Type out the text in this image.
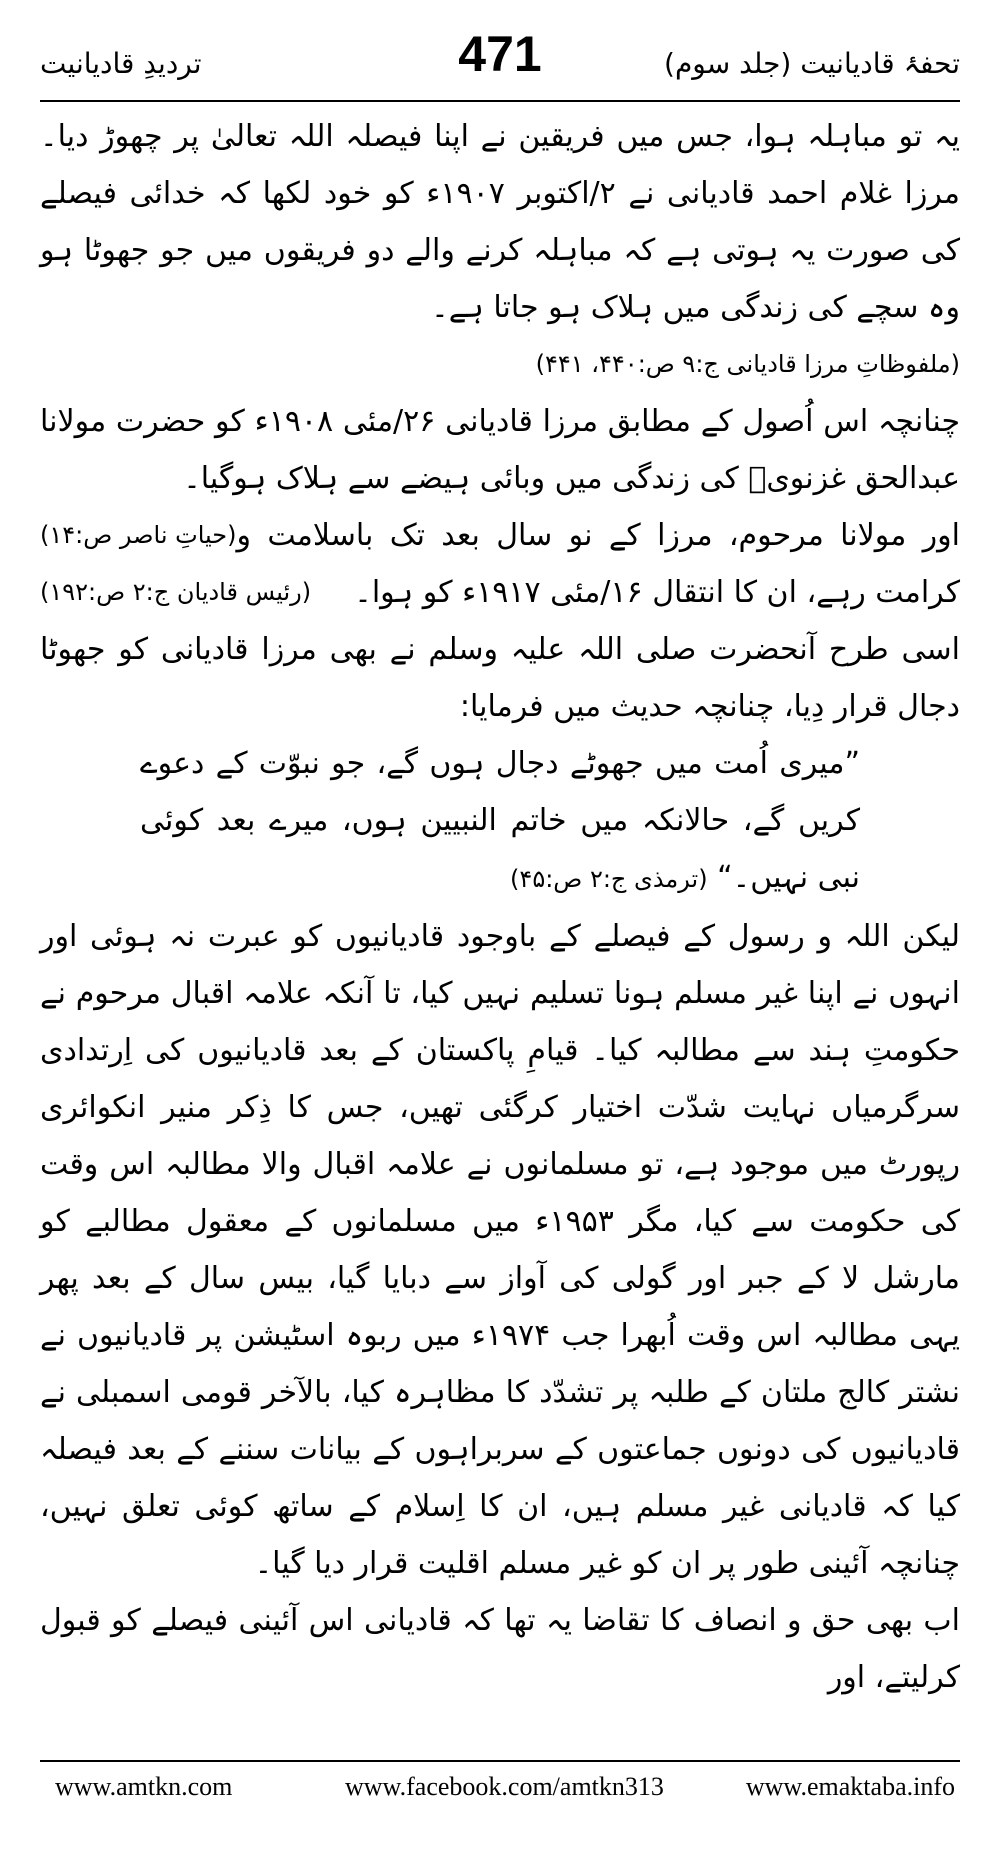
تحفۂ قادیانیت (جلد سوم)
471
تردیدِ قادیانیت

یہ تو مباہلہ ہوا، جس میں فریقین نے اپنا فیصلہ اللہ تعالیٰ پر چھوڑ دیا۔ مرزا غلام احمد قادیانی نے ۲/اکتوبر ۱۹۰۷ء کو خود لکھا کہ خدائی فیصلے کی صورت یہ ہوتی ہے کہ مباہلہ کرنے والے دو فریقوں میں جو جھوٹا ہو وہ سچے کی زندگی میں ہلاک ہو جاتا ہے۔

(ملفوظاتِ مرزا قادیانی ج:۹ ص:۴۴۰، ۴۴۱)

چنانچہ اس اُصول کے مطابق مرزا قادیانی ۲۶/مئی ۱۹۰۸ء کو حضرت مولانا عبدالحق غزنویؒ کی زندگی میں وبائی ہیضے سے ہلاک ہوگیا۔
(حیاتِ ناصر ص:۱۴) اور مولانا مرحوم، مرزا کے نو سال بعد تک باسلامت و کرامت رہے، ان کا انتقال ۱۶/مئی ۱۹۱۷ء کو ہوا۔
(رئیس قادیان ج:۲ ص:۱۹۲)

اسی طرح آنحضرت صلی اللہ علیہ وسلم نے بھی مرزا قادیانی کو جھوٹا دجال قرار دِیا، چنانچہ حدیث میں فرمایا:

”میری اُمت میں جھوٹے دجال ہوں گے، جو نبوّت کے دعوے کریں گے، حالانکہ میں خاتم النبیین ہوں، میرے بعد کوئی نبی نہیں۔“ (ترمذی ج:۲ ص:۴۵)

لیکن اللہ و رسول کے فیصلے کے باوجود قادیانیوں کو عبرت نہ ہوئی اور انہوں نے اپنا غیر مسلم ہونا تسلیم نہیں کیا، تا آنکہ علامہ اقبال مرحوم نے حکومتِ ہند سے مطالبہ کیا۔ قیامِ پاکستان کے بعد قادیانیوں کی اِرتدادی سرگرمیاں نہایت شدّت اختیار کرگئی تھیں، جس کا ذِکر منیر انکوائری رپورٹ میں موجود ہے، تو مسلمانوں نے علامہ اقبال والا مطالبہ اس وقت کی حکومت سے کیا، مگر ۱۹۵۳ء میں مسلمانوں کے معقول مطالبے کو مارشل لا کے جبر اور گولی کی آواز سے دبایا گیا، بیس سال کے بعد پھر یہی مطالبہ اس وقت اُبھرا جب ۱۹۷۴ء میں ربوہ اسٹیشن پر قادیانیوں نے نشتر کالج ملتان کے طلبہ پر تشدّد کا مظاہرہ کیا، بالآخر قومی اسمبلی نے قادیانیوں کی دونوں جماعتوں کے سربراہوں کے بیانات سننے کے بعد فیصلہ کیا کہ قادیانی غیر مسلم ہیں، ان کا اِسلام کے ساتھ کوئی تعلق نہیں، چنانچہ آئینی طور پر ان کو غیر مسلم اقلیت قرار دیا گیا۔

اب بھی حق و انصاف کا تقاضا یہ تھا کہ قادیانی اس آئینی فیصلے کو قبول کرلیتے، اور

www.amtkn.com	www.facebook.com/amtkn313	www.emaktaba.info
